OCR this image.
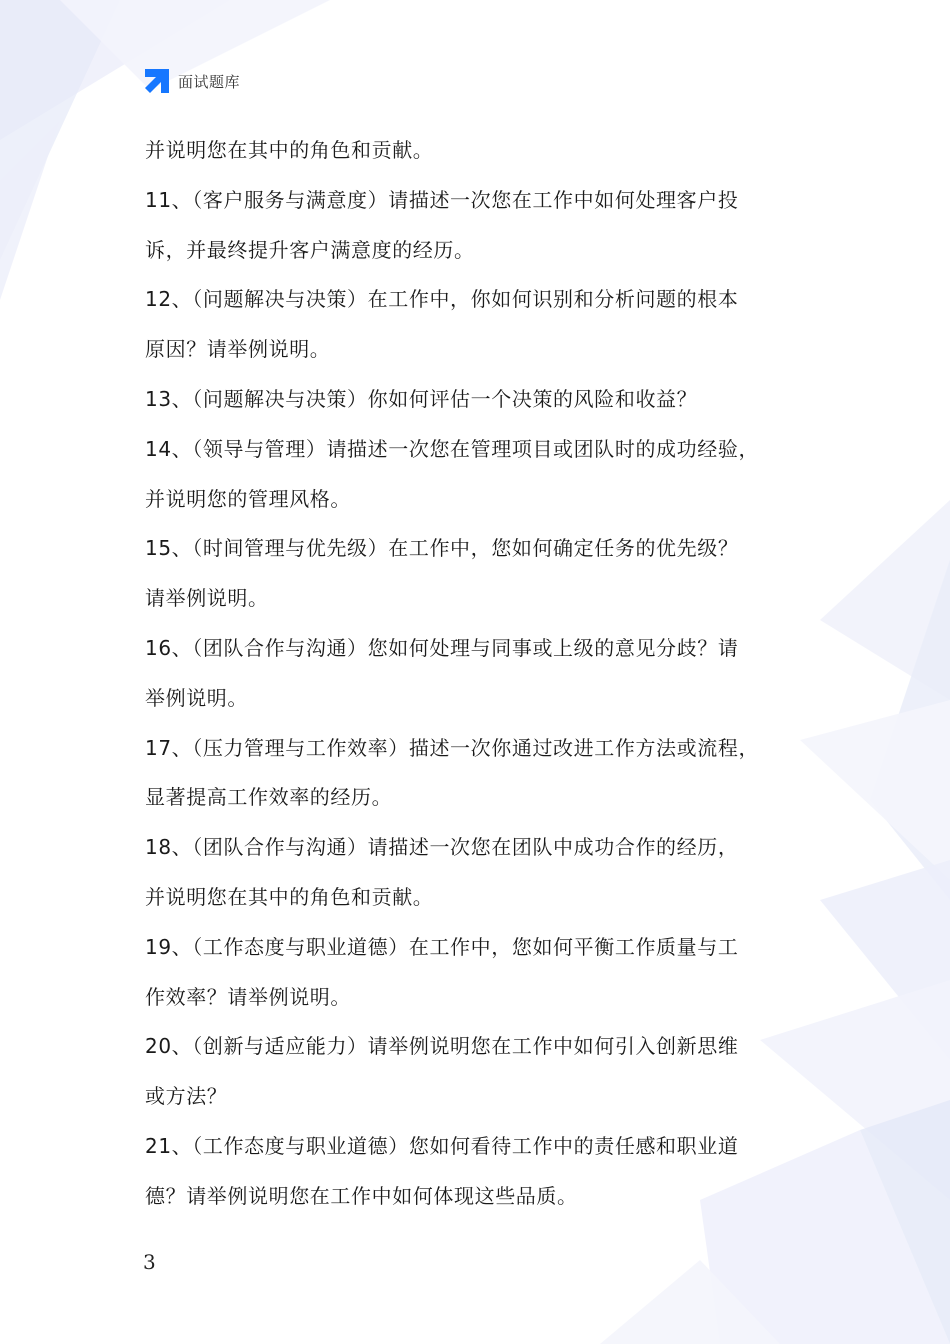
面试题库
并说明您在其中的角色和贡献。
11、（客户服务与满意度）请描述一次您在工作中如何处理客户投
诉，并最终提升客户满意度的经历。
12、（问题解决与决策）在工作中，你如何识别和分析问题的根本
原因？请举例说明。
13、（问题解决与决策）你如何评估一个决策的风险和收益？
14、（领导与管理）请描述一次您在管理项目或团队时的成功经验，
并说明您的管理风格。
15、（时间管理与优先级）在工作中，您如何确定任务的优先级？
请举例说明。
16、（团队合作与沟通）您如何处理与同事或上级的意见分歧？请
举例说明。
17、（压力管理与工作效率）描述一次你通过改进工作方法或流程，
显著提高工作效率的经历。
18、（团队合作与沟通）请描述一次您在团队中成功合作的经历，
并说明您在其中的角色和贡献。
19、（工作态度与职业道德）在工作中，您如何平衡工作质量与工
作效率？请举例说明。
20、（创新与适应能力）请举例说明您在工作中如何引入创新思维
或方法？
21、（工作态度与职业道德）您如何看待工作中的责任感和职业道
德？请举例说明您在工作中如何体现这些品质。
3
